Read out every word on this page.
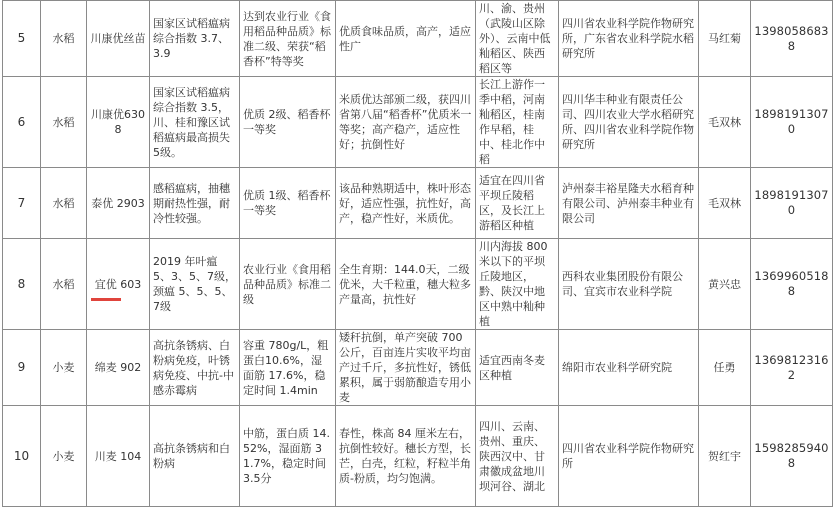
5	水稻	川康优丝苗	国家区试稻瘟病综合指数 3.7、3.9	达到农业行业《食用稻品种品质》标准二级、荣获“稻香杯”特等奖	优质食味品质，高产，适应性广	川、渝、贵州（武陵山区除外）、云南中低籼稻区、陕西稻区等	四川省农业科学院作物研究所，广东省农业科学院水稻研究所	马红菊	13980586838
6	水稻	川康优6308	国家区试稻瘟病综合指数 3.5，川、桂和豫区试稻瘟病最高损失 5级。	优质 2级、稻香杯一等奖	米质优达部颁二级，获四川省第八届“稻香杯”优质米一等奖；高产稳产，适应性好；抗倒性好	长江上游作一季中稻，河南籼稻区，桂南作早稻，桂中、桂北作中稻	四川华丰种业有限责任公司、四川农业大学水稻研究所、四川省农业科学院作物研究所	毛双林	18981913070
7	水稻	泰优 2903	感稻瘟病，抽穗期耐热性强，耐冷性较强。	优质 1级、稻香杯一等奖	该品种熟期适中，株叶形态好，适应性强，抗性好，高产，稳产性好，米质优。	适宜在四川省平坝丘陵稻区，及长江上游稻区种植	泸州泰丰裕星隆夫水稻育种有限公司、泸州泰丰种业有限公司	毛双林	18981913070
8	水稻	宜优 603	2019 年叶瘟 5、3、5、7级，颈瘟 5、5、5、7级	农业行业《食用稻品种品质》标准二级	全生育期：144.0天，二级优米，大千粒重，穗大粒多产量高，抗性好	川内海拔 800 米以下的平坝丘陵地区，黔、陕汉中地区中熟中籼种植	西科农业集团股份有限公司、宜宾市农业科学院	黄兴忠	13699605188
9	小麦	绵麦 902	高抗条锈病、白粉病免疫，叶锈病免疫、中抗-中感赤霉病	容重 780g/L，粗蛋白10.6%，湿面筋 17.6%，稳定时间 1.4min	矮秆抗倒，单产突破 700 公斤，百亩连片实收平均亩产过千斤，多抗性好，锈低累积，属于弱筋酿造专用小麦	适宜西南冬麦区种植	绵阳市农业科学研究院	任勇	13698123162
10	小麦	川麦 104	高抗条锈病和白粉病	中筋，蛋白质 14.52%，湿面筋 31.7%，稳定时间 3.5分	春性，株高 84 厘米左右，抗倒性较好。穗长方型，长芒，白壳，红粒，籽粒半角质-粉质，均匀饱满。	四川、云南、贵州、重庆、陕西汉中、甘肃徽成盆地川坝河谷、湖北	四川省农业科学院作物研究所	贺红宇	15982859408
